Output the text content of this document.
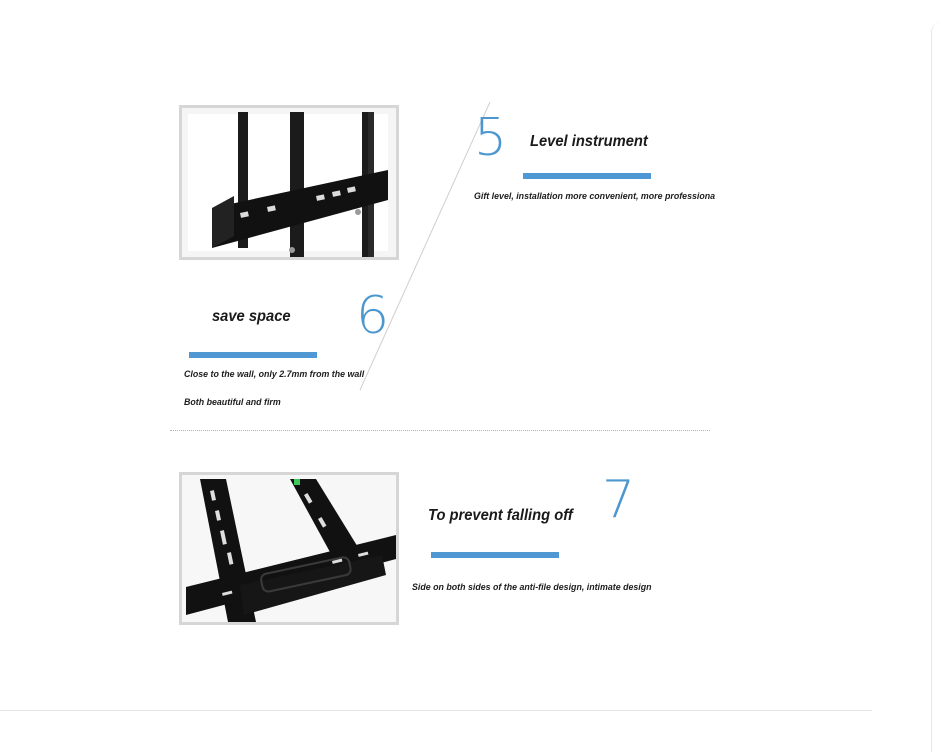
5 Level instrument
Gift level, installation more convenient, more professiona
save space 6
Close to the wall, only 2.7mm from the wall
Both beautiful and firm
To prevent falling off 7
Side on both sides of the anti-file design, intimate design
